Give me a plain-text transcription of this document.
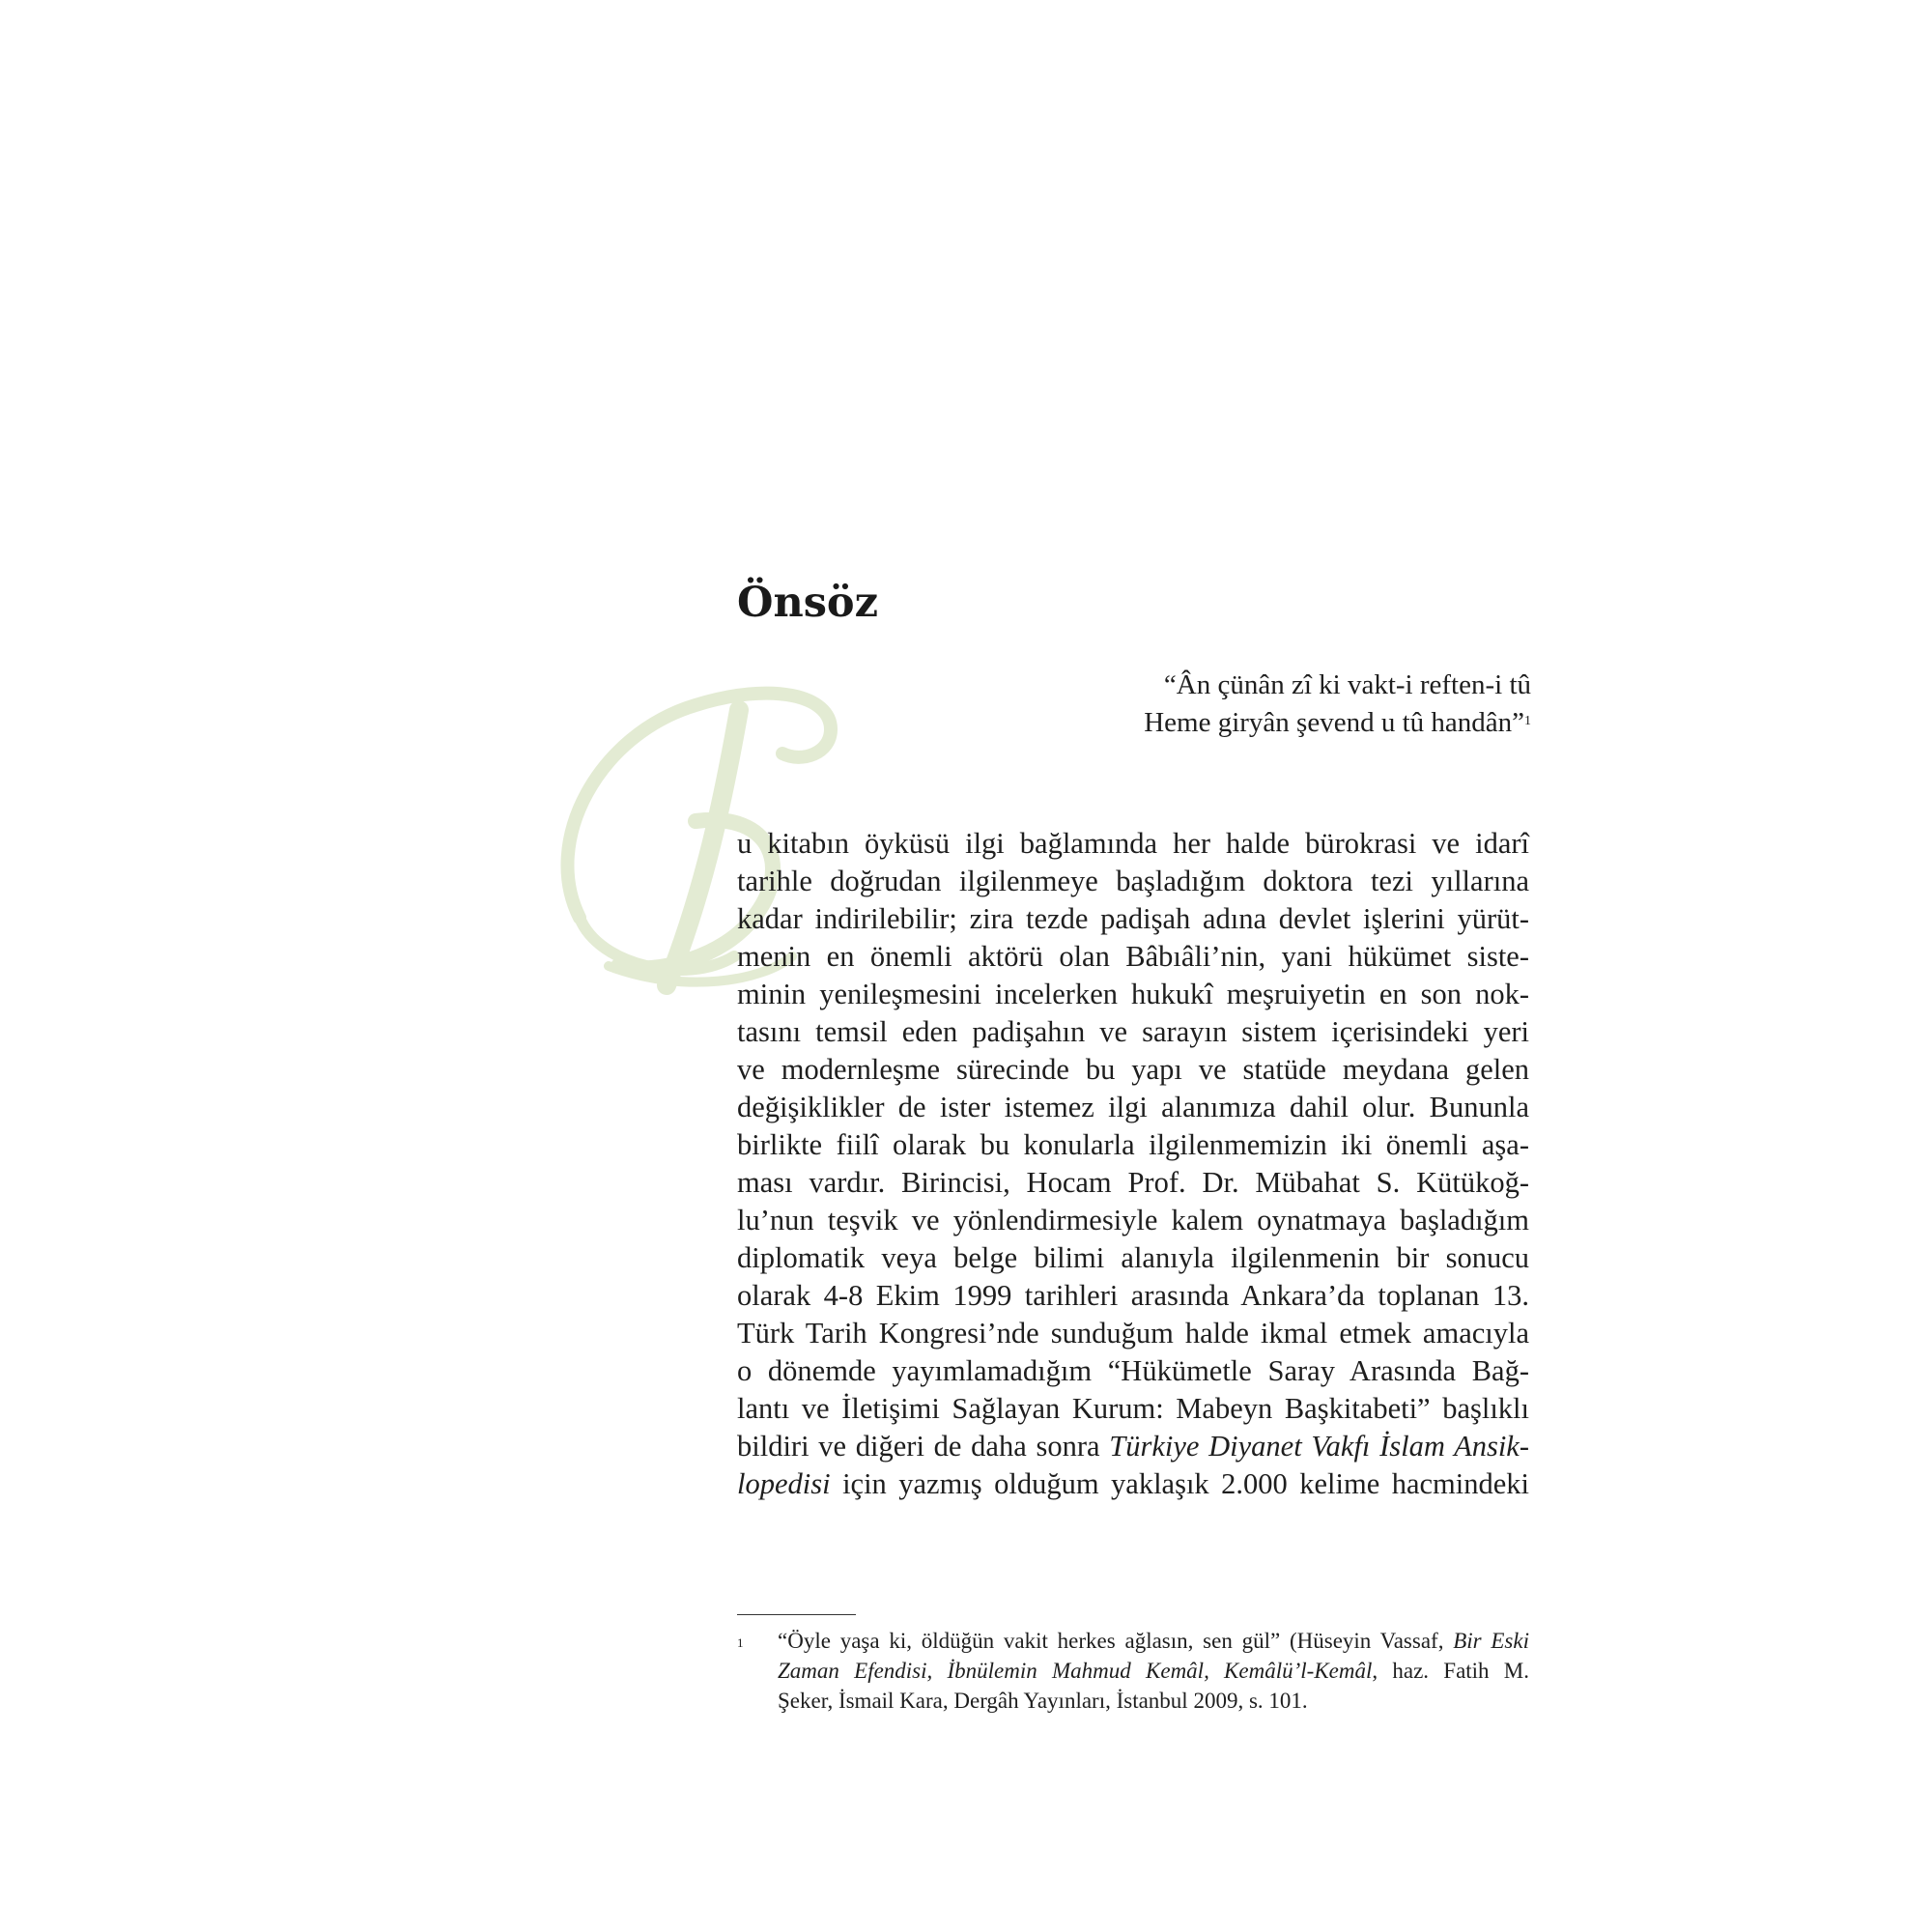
Önsöz
“Ân çünân zî ki vakt-i reften-i tû
Heme giryân şevend u tû handân”$^1$

u kitabın öyküsü ilgi bağlamında her halde bürokrasi ve idarî
tarihle doğrudan ilgilenmeye başladığım doktora tezi yıllarına
kadar indirilebilir; zira tezde padişah adına devlet işlerini yürüt-
menin en önemli aktörü olan Bâbıâli’nin, yani hükümet siste-
minin yenileşmesini incelerken hukukî meşruiyetin en son nok-
tasını temsil eden padişahın ve sarayın sistem içerisindeki yeri
ve modernleşme sürecinde bu yapı ve statüde meydana gelen
değişiklikler de ister istemez ilgi alanımıza dahil olur. Bununla
birlikte fiilî olarak bu konularla ilgilenmemizin iki önemli aşa-
ması vardır. Birincisi, Hocam Prof. Dr. Mübahat S. Kütükoğ-
lu’nun teşvik ve yönlendirmesiyle kalem oynatmaya başladığım
diplomatik veya belge bilimi alanıyla ilgilenmenin bir sonucu
olarak 4-8 Ekim 1999 tarihleri arasında Ankara’da toplanan 13.
Türk Tarih Kongresi’nde sunduğum halde ikmal etmek amacıyla
o dönemde yayımlamadığım “Hükümetle Saray Arasında Bağ-
lantı ve İletişimi Sağlayan Kurum: Mabeyn Başkitabeti” başlıklı
bildiri ve diğeri de daha sonra Türkiye Diyanet Vakfı İslam Ansik-
lopedisi için yazmış olduğum yaklaşık 2.000 kelime hacmindeki

1 “Öyle yaşa ki, öldüğün vakit herkes ağlasın, sen gül” (Hüseyin Vassaf, Bir Eski
Zaman Efendisi, İbnülemin Mahmud Kemâl, Kemâlü’l-Kemâl, haz. Fatih M.
Şeker, İsmail Kara, Dergâh Yayınları, İstanbul 2009, s. 101.
